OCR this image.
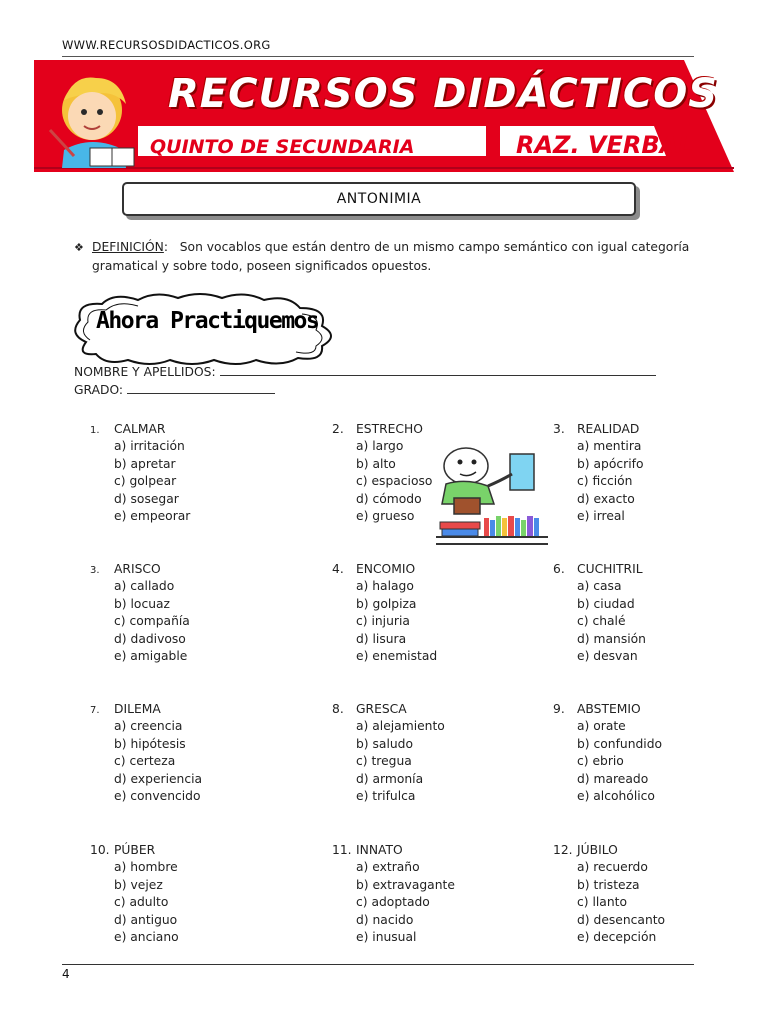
WWW.RECURSOSDIDACTICOS.ORG
RECURSOS DIDÁCTICOS
QUINTO DE SECUNDARIA	RAZ. VERBAL
ANTONIMIA
❖ DEFINICIÓN:   Son vocablos que están dentro de un mismo campo semántico con igual categoría
gramatical y sobre todo, poseen significados opuestos.
Ahora Practiquemos
NOMBRE Y APELLIDOS:
GRADO:
1. CALMAR
a) irritación
b) apretar
c) golpear
d) sosegar
e) empeorar
2. ESTRECHO
a) largo
b) alto
c) espacioso
d) cómodo
e) grueso
3. REALIDAD
a) mentira
b) apócrifo
c) ficción
d) exacto
e) irreal
3. ARISCO
a) callado
b) locuaz
c) compañía
d) dadivoso
e) amigable
4. ENCOMIO
a) halago
b) golpiza
c) injuria
d) lisura
e) enemistad
6. CUCHITRIL
a) casa
b) ciudad
c) chalé
d) mansión
e) desvan
7. DILEMA
a) creencia
b) hipótesis
c) certeza
d) experiencia
e) convencido
8. GRESCA
a) alejamiento
b) saludo
c) tregua
d) armonía
e) trifulca
9. ABSTEMIO
a) orate
b) confundido
c) ebrio
d) mareado
e) alcohólico
10. PÚBER
a) hombre
b) vejez
c) adulto
d) antiguo
e) anciano
11. INNATO
a) extraño
b) extravagante
c) adoptado
d) nacido
e) inusual
12. JÚBILO
a) recuerdo
b) tristeza
c) llanto
d) desencanto
e) decepción
4
